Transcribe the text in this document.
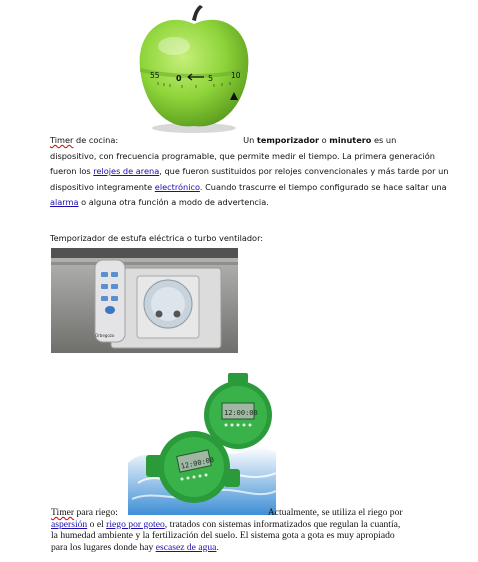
55 0	5 10
Timer de cocina:	Un temporizador o minutero es un
dispositivo, con frecuencia programable, que permite medir el tiempo. La primera generación
fueron los relojes de arena, que fueron sustituidos por relojes convencionales y más tarde por un
dispositivo integramente electrónico. Cuando trascurre el tiempo configurado se hace saltar una
alarma o alguna otra función a modo de advertencia.
Temporizador de estufa eléctrica o turbo ventilador:
Orbegozo
12:00:00
12:00:00
Timer para riego:	Actualmente, se utiliza el riego por
aspersión o el riego por goteo, tratados con sistemas informatizados que regulan la cuantía,
la humedad ambiente y la fertilización del suelo. El sistema gota a gota es muy apropiado
para los lugares donde hay escasez de agua.
